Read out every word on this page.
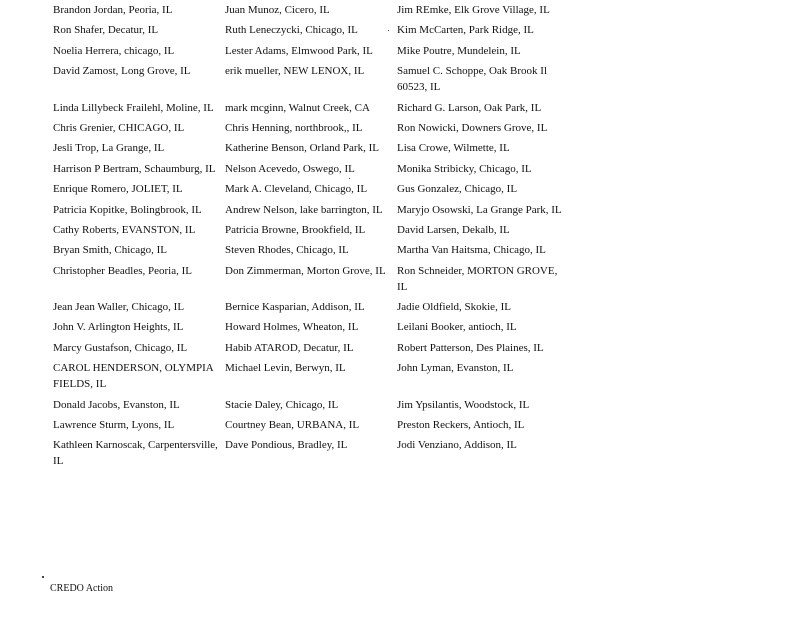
Brandon Jordan, Peoria, IL	Juan Munoz, Cicero, IL	Jim REmke, Elk Grove Village, IL

Ron Shafer, Decatur, IL	Ruth Leneczycki, Chicago, IL	Kim McCarten, Park Ridge, IL

Noelia Herrera, chicago, IL	Lester Adams, Elmwood Park, IL	Mike Poutre, Mundelein, IL

David Zamost, Long Grove, IL	erik mueller, NEW LENOX, IL	Samuel C. Schoppe, Oak Brook Il 60523, IL

Linda Lillybeck Frailehl, Moline, IL	mark mcginn, Walnut Creek, CA	Richard G. Larson, Oak Park, IL

Chris Grenier, CHICAGO, IL	Chris Henning, northbrook,, IL	Ron Nowicki, Downers Grove, IL

Jesli Trop, La Grange, IL	Katherine Benson, Orland Park, IL	Lisa Crowe, Wilmette, IL

Harrison P Bertram, Schaumburg, IL	Nelson Acevedo, Oswego, IL	Monika Stribicky, Chicago, IL

Enrique Romero, JOLIET, IL	Mark A. Cleveland, Chicago, IL	Gus Gonzalez, Chicago, IL

Patricia Kopitke, Bolingbrook, IL	Andrew Nelson, lake barrington, IL	Maryjo Osowski, La Grange Park, IL

Cathy Roberts, EVANSTON, IL	Patricia Browne, Brookfield, IL	David Larsen, Dekalb, IL

Bryan Smith, Chicago, IL	Steven Rhodes, Chicago, IL	Martha Van Haitsma, Chicago, IL

Christopher Beadles, Peoria, IL	Don Zimmerman, Morton Grove, IL	Ron Schneider, MORTON GROVE, IL

Jean Jean Waller, Chicago, IL	Bernice Kasparian, Addison, IL	Jadie Oldfield, Skokie, IL

John V. Arlington Heights, IL	Howard Holmes, Wheaton, IL	Leilani Booker, antioch, IL

Marcy Gustafson, Chicago, IL	Habib ATAROD, Decatur, IL	Robert Patterson, Des Plaines, IL

CAROL HENDERSON, OLYMPIA FIELDS, IL	Michael Levin, Berwyn, IL	John Lyman, Evanston, IL

Donald Jacobs, Evanston, IL	Stacie Daley, Chicago, IL	Jim Ypsilantis, Woodstock, IL

Lawrence Sturm, Lyons, IL	Courtney Bean, URBANA, IL	Preston Reckers, Antioch, IL

Kathleen Karnoscak, Carpentersville, IL	Dave Pondious, Bradley, IL	Jodi Venziano, Addison, IL
CREDO Action
